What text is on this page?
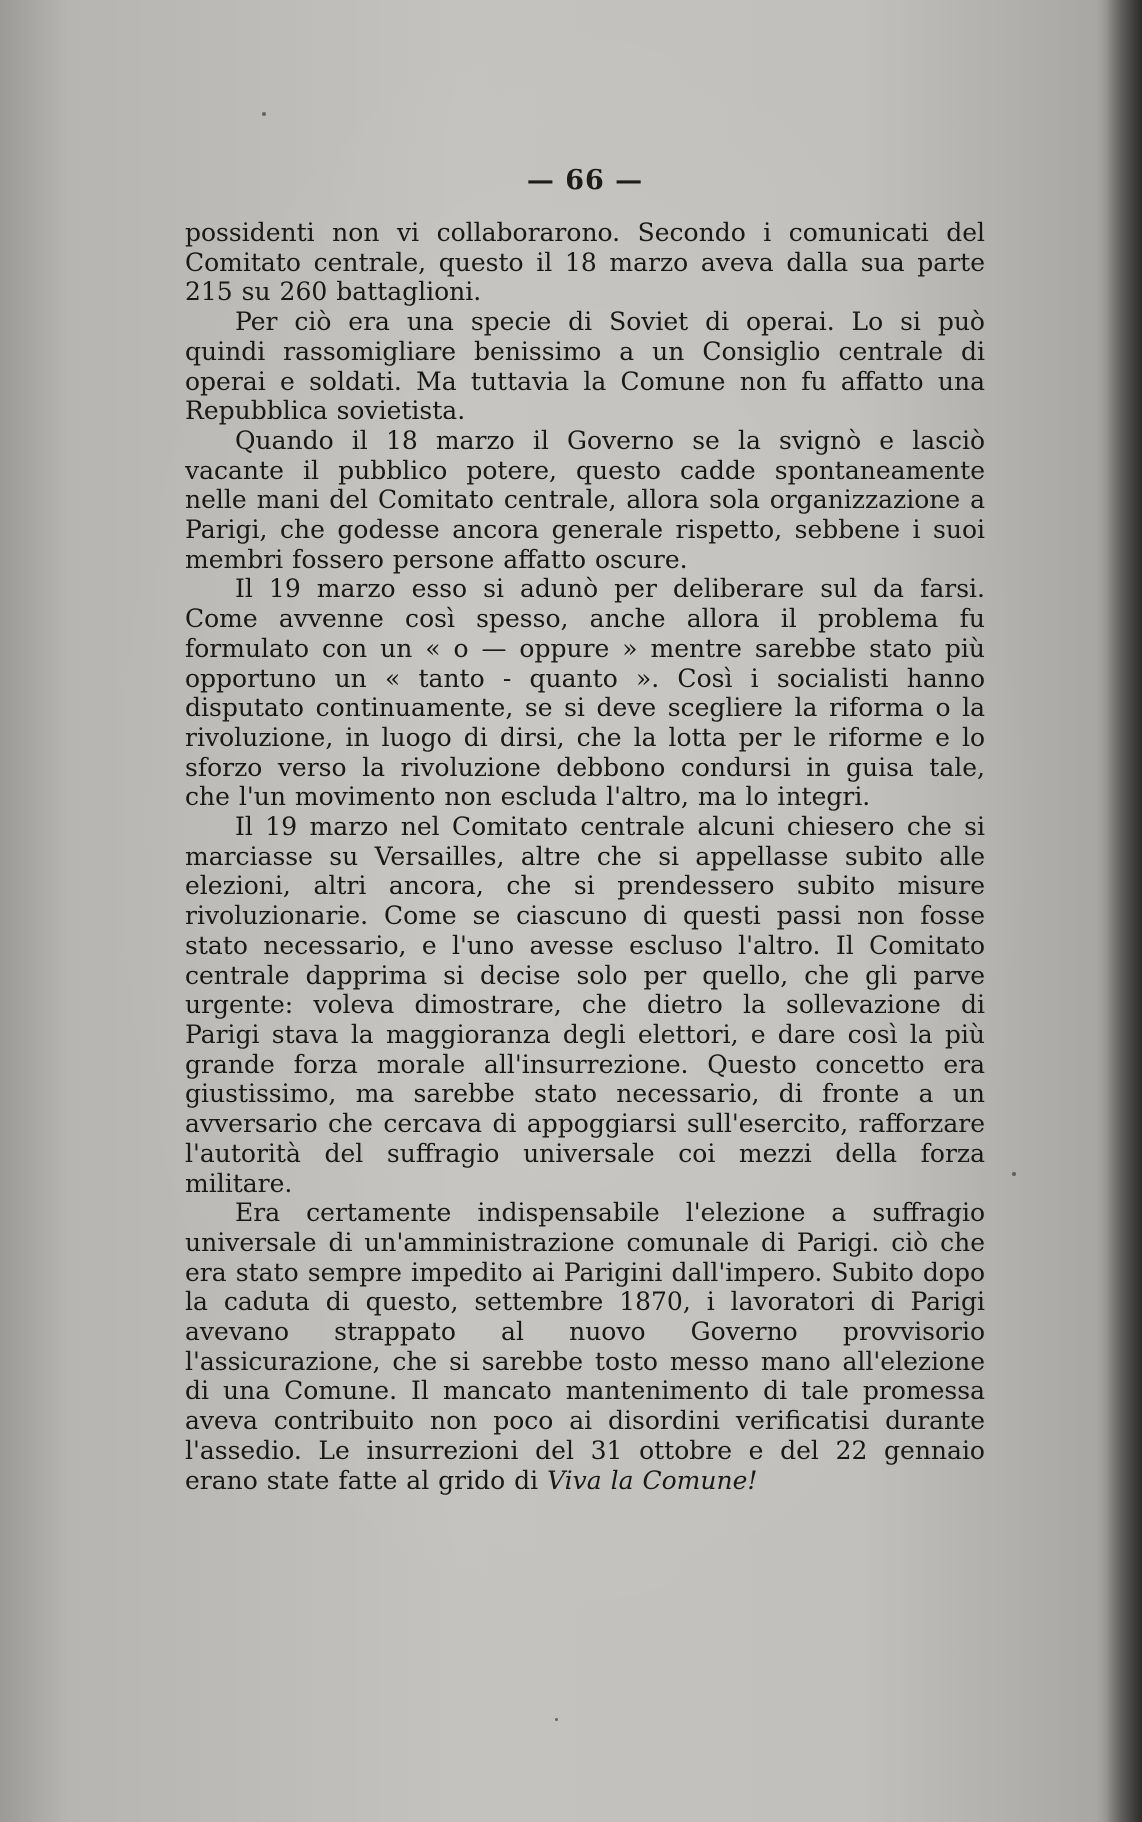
— 66 —

possidenti non vi collaborarono. Secondo i comunicati del Comitato centrale, questo il 18 marzo aveva dalla sua parte 215 su 260 battaglioni.

Per ciò era una specie di Soviet di operai. Lo si può quindi rassomigliare benissimo a un Consiglio centrale di operai e soldati. Ma tuttavia la Comune non fu affatto una Repubblica sovietista.

Quando il 18 marzo il Governo se la svignò e lasciò vacante il pubblico potere, questo cadde spontaneamente nelle mani del Comitato centrale, allora sola organizzazione a Parigi, che godesse ancora generale rispetto, sebbene i suoi membri fossero persone affatto oscure.

Il 19 marzo esso si adunò per deliberare sul da farsi. Come avvenne così spesso, anche allora il problema fu formulato con un « o — oppure » mentre sarebbe stato più opportuno un « tanto - quanto ». Così i socialisti hanno disputato continuamente, se si deve scegliere la riforma o la rivoluzione, in luogo di dirsi, che la lotta per le riforme e lo sforzo verso la rivoluzione debbono condursi in guisa tale, che l'un movimento non escluda l'altro, ma lo integri.

Il 19 marzo nel Comitato centrale alcuni chiesero che si marciasse su Versailles, altre che si appellasse subito alle elezioni, altri ancora, che si prendessero subito misure rivoluzionarie. Come se ciascuno di questi passi non fosse stato necessario, e l'uno avesse escluso l'altro. Il Comitato centrale dapprima si decise solo per quello, che gli parve urgente: voleva dimostrare, che dietro la sollevazione di Parigi stava la maggioranza degli elettori, e dare così la più grande forza morale all'insurrezione. Questo concetto era giustissimo, ma sarebbe stato necessario, di fronte a un avversario che cercava di appoggiarsi sull'esercito, rafforzare l'autorità del suffragio universale coi mezzi della forza militare.

Era certamente indispensabile l'elezione a suffragio universale di un'amministrazione comunale di Parigi. ciò che era stato sempre impedito ai Parigini dall'impero. Subito dopo la caduta di questo, settembre 1870, i lavoratori di Parigi avevano strappato al nuovo Governo provvisorio l'assicurazione, che si sarebbe tosto messo mano all'elezione di una Comune. Il mancato mantenimento di tale promessa aveva contribuito non poco ai disordini verificatisi durante l'assedio. Le insurrezioni del 31 ottobre e del 22 gennaio erano state fatte al grido di Viva la Comune!
